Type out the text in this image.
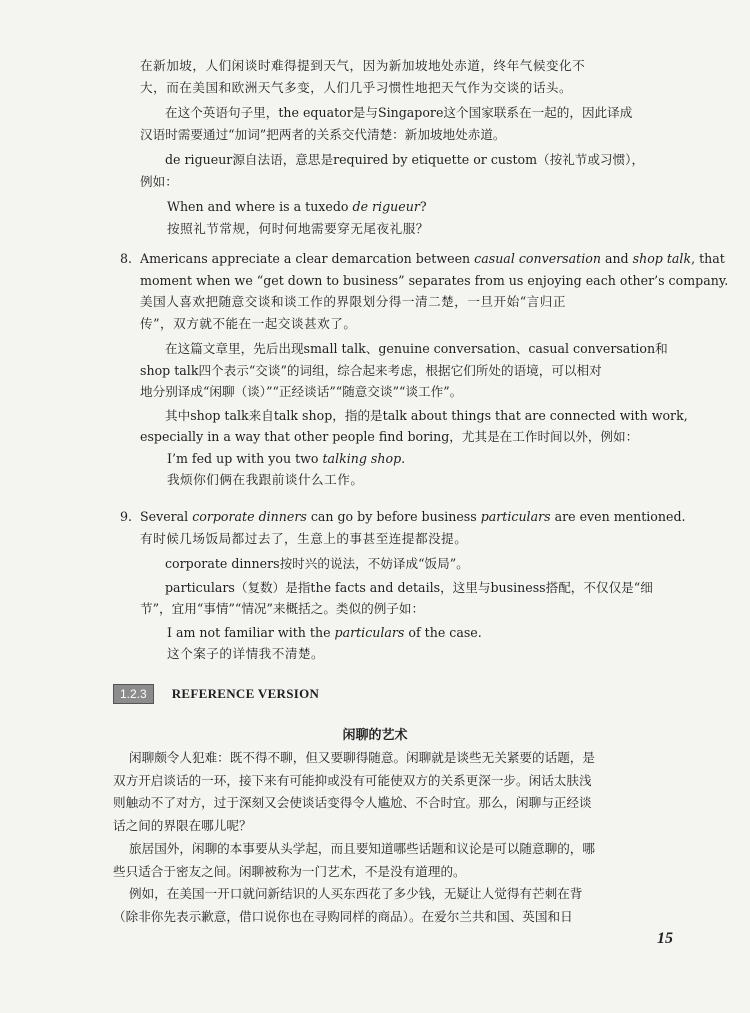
在新加坡，人们闲谈时难得提到天气，因为新加坡地处赤道，终年气候变化不
大，而在美国和欧洲天气多变，人们几乎习惯性地把天气作为交谈的话头。
在这个英语句子里，the equator是与Singapore这个国家联系在一起的，因此译成
汉语时需要通过“加词”把两者的关系交代清楚：新加坡地处赤道。
de rigueur源自法语，意思是required by etiquette or custom（按礼节或习惯），
例如：
When and where is a tuxedo de rigueur?
按照礼节常规，何时何地需要穿无尾夜礼服？
8. Americans appreciate a clear demarcation between casual conversation and shop talk, that
moment when we “get down to business” separates from us enjoying each other’s company.
美国人喜欢把随意交谈和谈工作的界限划分得一清二楚，一旦开始“言归正
传”，双方就不能在一起交谈甚欢了。
在这篇文章里，先后出现small talk、genuine conversation、casual conversation和
shop talk四个表示“交谈”的词组，综合起来考虑，根据它们所处的语境，可以相对
地分别译成“闲聊（谈）”“正经谈话”“随意交谈”“谈工作”。
其中shop talk来自talk shop，指的是talk about things that are connected with work,
especially in a way that other people find boring，尤其是在工作时间以外，例如：
I’m fed up with you two talking shop.
我烦你们俩在我跟前谈什么工作。
9. Several corporate dinners can go by before business particulars are even mentioned.
有时候几场饭局都过去了，生意上的事甚至连提都没提。
corporate dinners按时兴的说法，不妨译成“饭局”。
particulars（复数）是指the facts and details，这里与business搭配，不仅仅是“细
节”，宜用“事情”“情况”来概括之。类似的例子如：
I am not familiar with the particulars of the case.
这个案子的详情我不清楚。
1.2.3	REFERENCE VERSION
闲聊的艺术
闲聊颇令人犯难：既不得不聊，但又要聊得随意。闲聊就是谈些无关紧要的话题，是
双方开启谈话的一环，接下来有可能抑或没有可能使双方的关系更深一步。闲话太肤浅
则触动不了对方，过于深刻又会使谈话变得令人尴尬、不合时宜。那么，闲聊与正经谈
话之间的界限在哪儿呢？
旅居国外，闲聊的本事要从头学起，而且要知道哪些话题和议论是可以随意聊的，哪
些只适合于密友之间。闲聊被称为一门艺术，不是没有道理的。
例如，在美国一开口就问新结识的人买东西花了多少钱，无疑让人觉得有芒刺在背
（除非你先表示歉意，借口说你也在寻购同样的商品）。在爱尔兰共和国、英国和日
15
